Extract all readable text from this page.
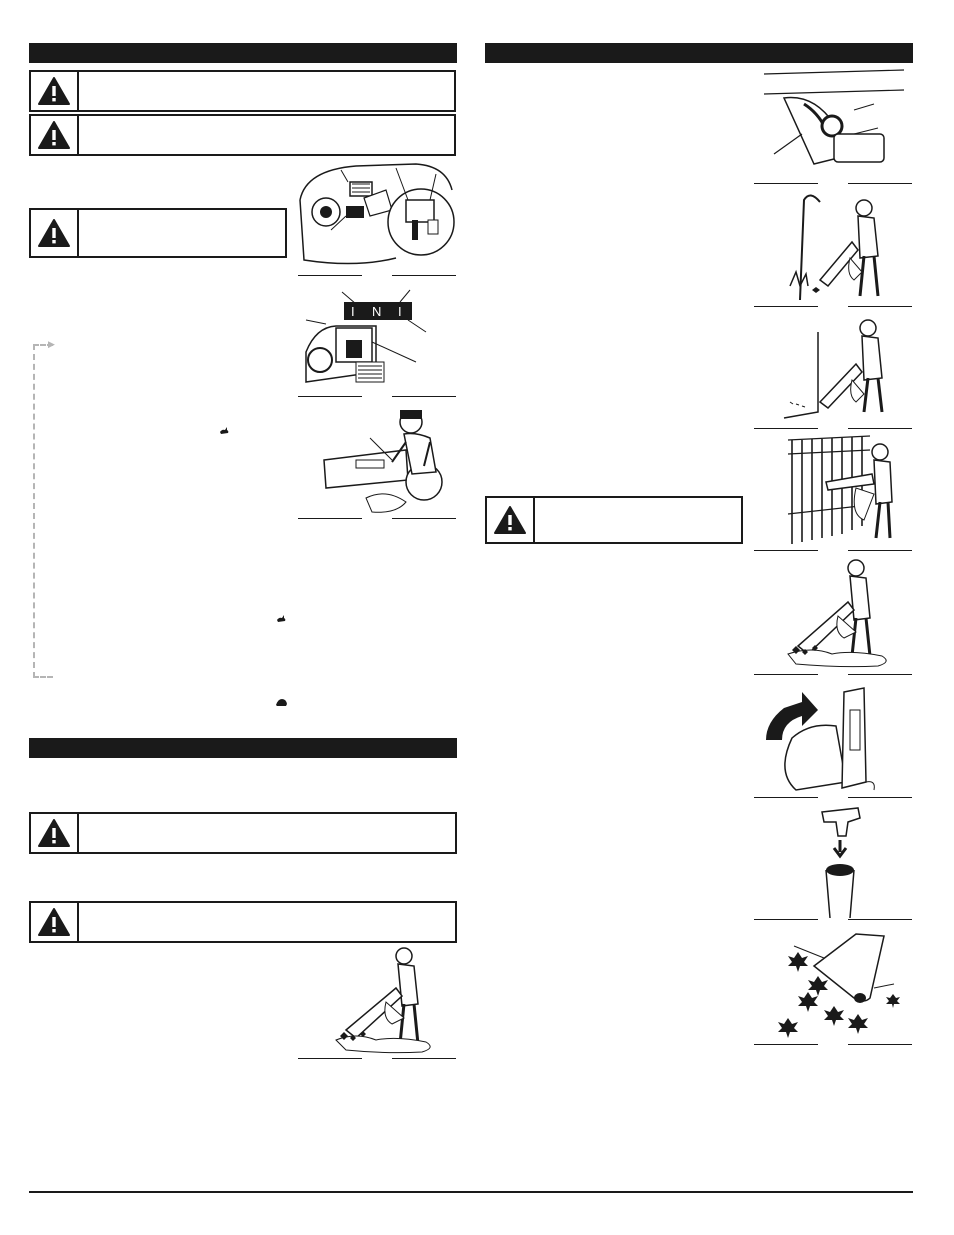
I N I
▶
